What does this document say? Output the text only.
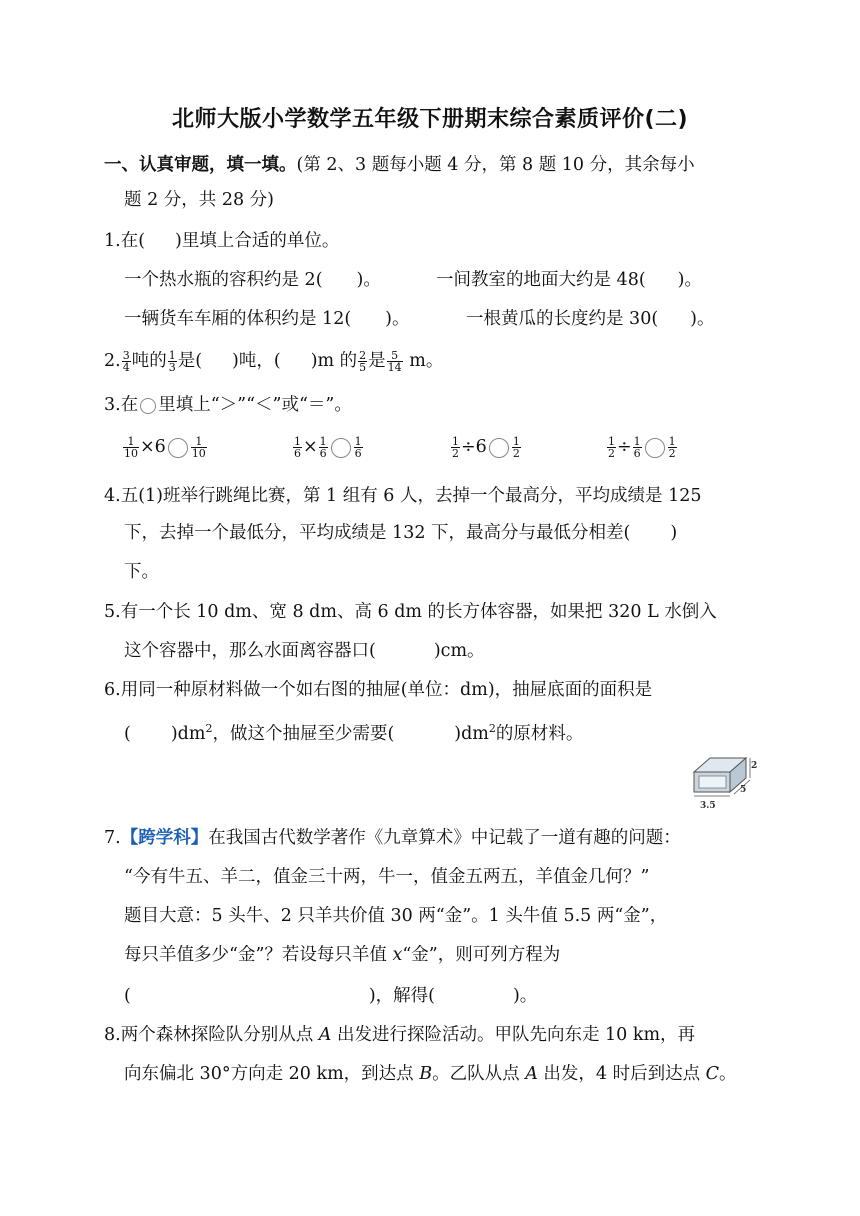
北师大版小学数学五年级下册期末综合素质评价(二)
一、认真审题，填一填。(第 2、3 题每小题 4 分，第 8 题 10 分，其余每小
题 2 分，共 28 分)
1.在( )里填上合适的单位。
一个热水瓶的容积约是 2( )。	一间教室的地面大约是 48( )。
一辆货车车厢的体积约是 12( )。	一根黄瓜的长度约是 30( )。
2. $\frac{3}{4}$ 吨的 $\frac{1}{3}$ 是( )吨，( )m 的 $\frac{2}{5}$ 是 $\frac{5}{14}$ m。
3.在 里填上“＞”“＜”或“＝”。
$\frac{1}{10} \times 6 \frac{1}{10}$	$\frac{1}{6} \times \frac{1}{6} \frac{1}{6}$	$\frac{1}{2} \div 6 \frac{1}{2}$	$\frac{1}{2} \div \frac{1}{6} \frac{1}{2}$
4.五(1)班举行跳绳比赛，第 1 组有 6 人，去掉一个最高分，平均成绩是 125
下，去掉一个最低分，平均成绩是 132 下，最高分与最低分相差( )
下。
5.有一个长 10 dm、宽 8 dm、高 6 dm 的长方体容器，如果把 320 L 水倒入
这个容器中，那么水面离容器口(	)cm。
6.用同一种原材料做一个如右图的抽屉(单位：dm)，抽屉底面的面积是
( )$dm^2$，做这个抽屉至少需要(	)$dm^2$的原材料。
2
5
3.5
7.【跨学科】在我国古代数学著作《九章算术》中记载了一道有趣的问题：
“今有牛五、羊二，值金三十两，牛一，值金五两五，羊值金几何？”
题目大意：5 头牛、2 只羊共价值 30 两“金”。1 头牛值 5.5 两“金”，
每只羊值多少“金”？若设每只羊值 x“金”，则可列方程为
(	)，解得(	)。
8.两个森林探险队分别从点 A 出发进行探险活动。甲队先向东走 10 km，再
向东偏北 30°方向走 20 km，到达点 B。乙队从点 A 出发，4 时后到达点 C。
